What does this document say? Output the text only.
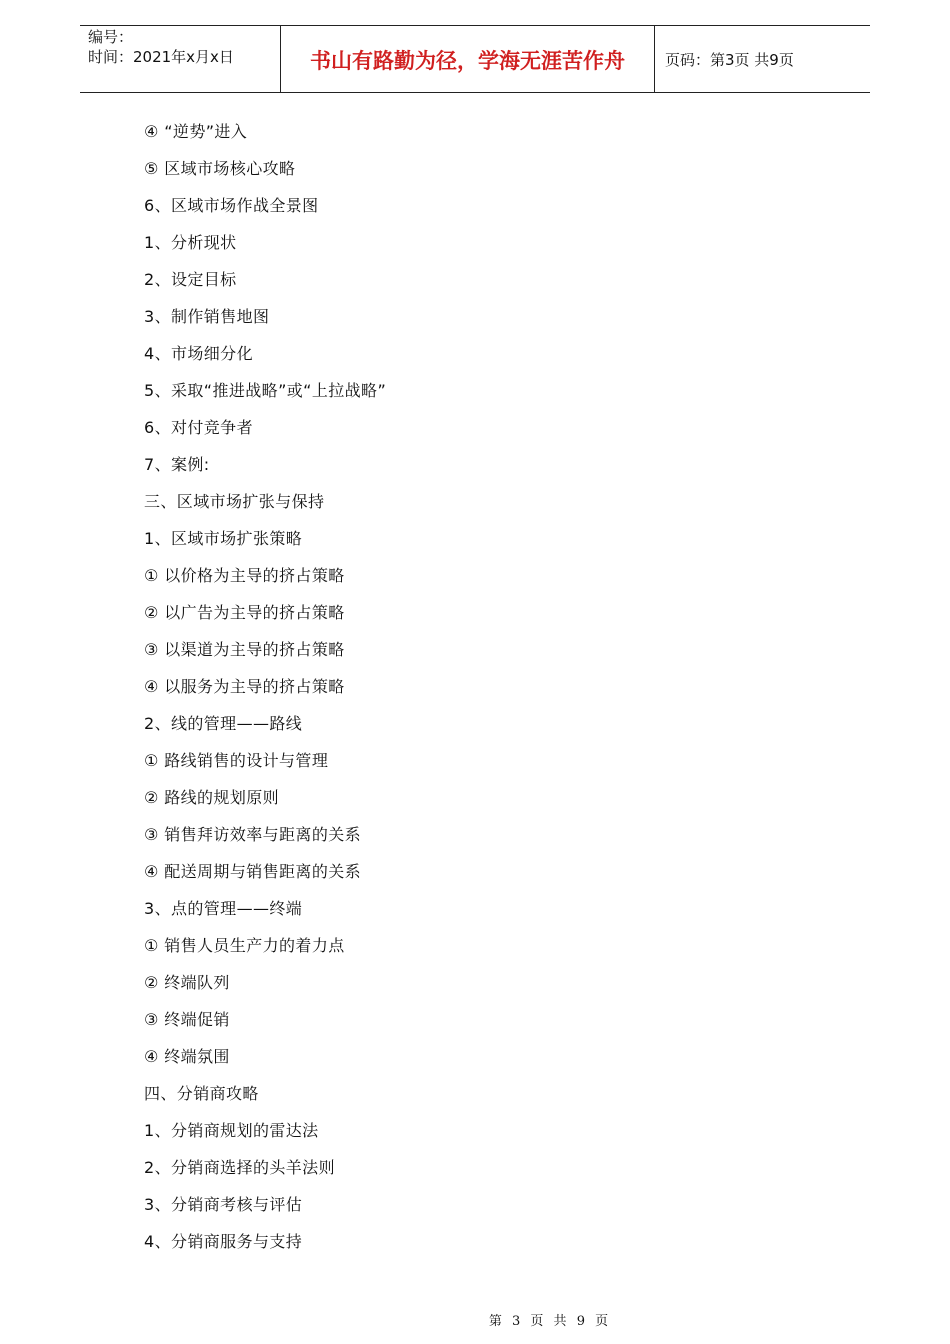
编号：
时间：2021年x月x日	书山有路勤为径，学海无涯苦作舟	页码：第3页 共9页
④ “逆势”进入
⑤ 区域市场核心攻略
6、区域市场作战全景图
1、分析现状
2、设定目标
3、制作销售地图
4、市场细分化
5、采取“推进战略”或“上拉战略”
6、对付竞争者
7、案例:
三、区域市场扩张与保持
1、区域市场扩张策略
① 以价格为主导的挤占策略
② 以广告为主导的挤占策略
③ 以渠道为主导的挤占策略
④ 以服务为主导的挤占策略
2、线的管理——路线
① 路线销售的设计与管理
② 路线的规划原则
③ 销售拜访效率与距离的关系
④ 配送周期与销售距离的关系
3、点的管理——终端
① 销售人员生产力的着力点
② 终端队列
③ 终端促销
④ 终端氛围
四、分销商攻略
1、分销商规划的雷达法
2、分销商选择的头羊法则
3、分销商考核与评估
4、分销商服务与支持
第 3 页 共 9 页
